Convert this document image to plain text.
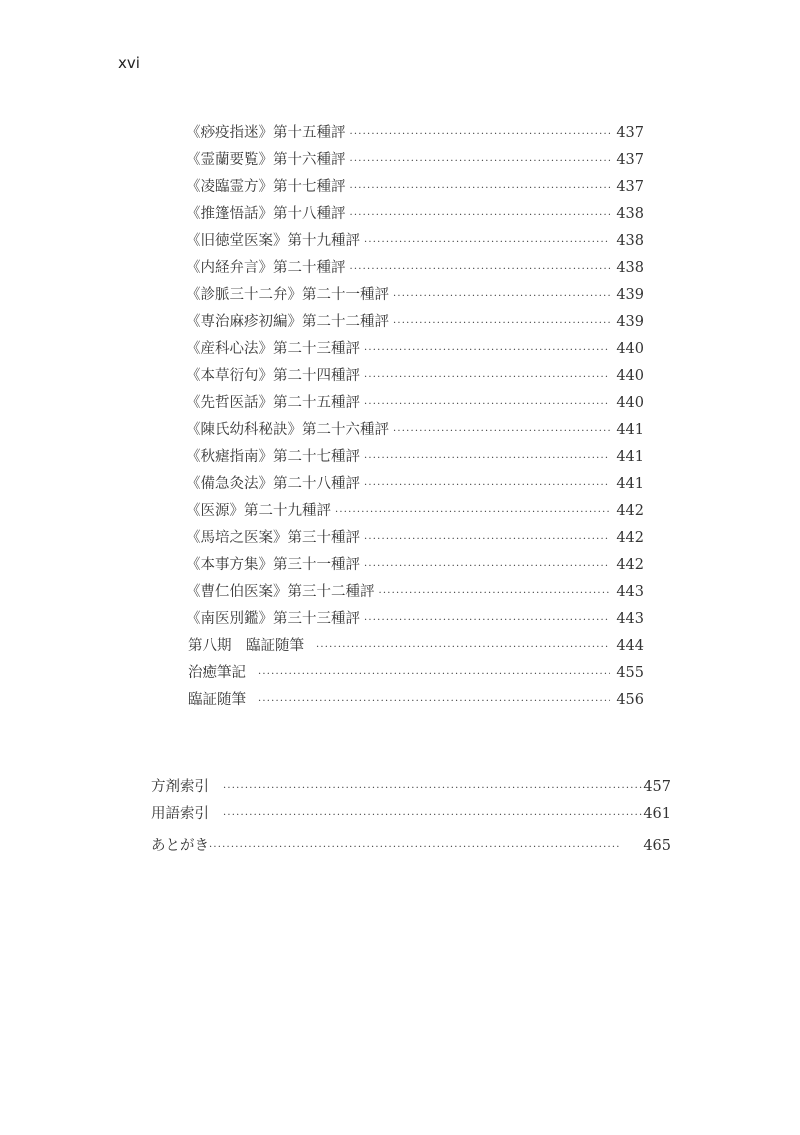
xvi
《痧疫指迷》第十五種評 ·····	437
《霊蘭要覧》第十六種評 ·····	437
《凌臨霊方》第十七種評 ·····	437
《推篷悟話》第十八種評 ·····	438
《旧徳堂医案》第十九種評 ·····	438
《内経弁言》第二十種評 ·····	438
《診脈三十二弁》第二十一種評 ·····	439
《専治麻疹初編》第二十二種評 ·····	439
《産科心法》第二十三種評 ·····	440
《本草衍句》第二十四種評 ·····	440
《先哲医話》第二十五種評 ·····	440
《陳氏幼科秘訣》第二十六種評 ·····	441
《秋瘧指南》第二十七種評 ·····	441
《備急灸法》第二十八種評 ·····	441
《医源》第二十九種評 ·····	442
《馬培之医案》第三十種評 ·····	442
《本事方集》第三十一種評 ·····	442
《曹仁伯医案》第三十二種評 ·····	443
《南医別鑑》第三十三種評 ·····	443
第八期　臨証随筆 ·····	444
治癒筆記 ·····	455
臨証随筆 ·····	456
方剤索引 ·····	457
用語索引 ·····	461
あとがき ·····	465
